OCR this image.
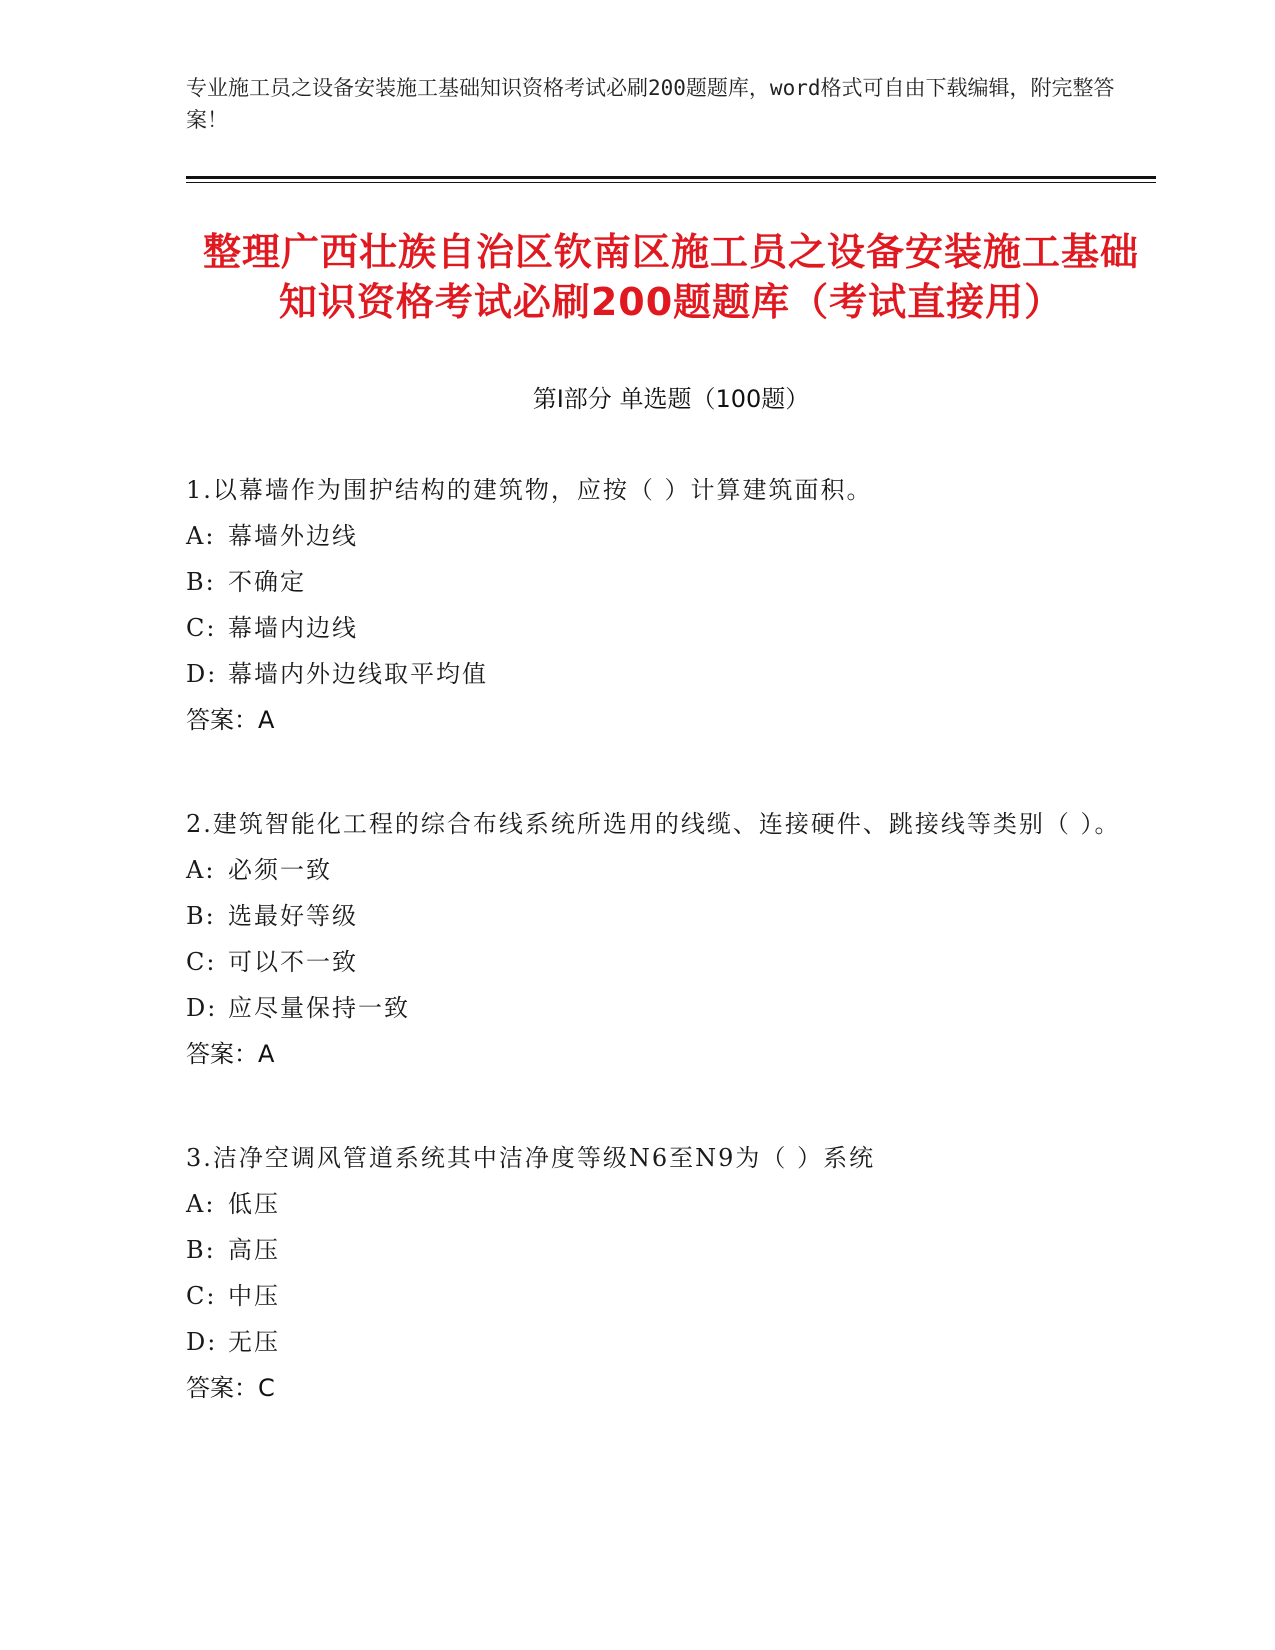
专业施工员之设备安装施工基础知识资格考试必刷200题题库，word格式可自由下载编辑，附完整答案！

整理广西壮族自治区钦南区施工员之设备安装施工基础知识资格考试必刷200题题库（考试直接用）
第Ⅰ部分 单选题（100题）

1.以幕墙作为围护结构的建筑物，应按（ ）计算建筑面积。

A: 幕墙外边线
B: 不确定
C: 幕墙内边线
D: 幕墙内外边线取平均值
答案：A

2.建筑智能化工程的综合布线系统所选用的线缆、连接硬件、跳接线等类别（ ）。

A: 必须一致
B: 选最好等级
C: 可以不一致
D: 应尽量保持一致
答案：A

3.洁净空调风管道系统其中洁净度等级N6至N9为（ ）系统

A: 低压
B: 高压
C: 中压
D: 无压
答案：C
